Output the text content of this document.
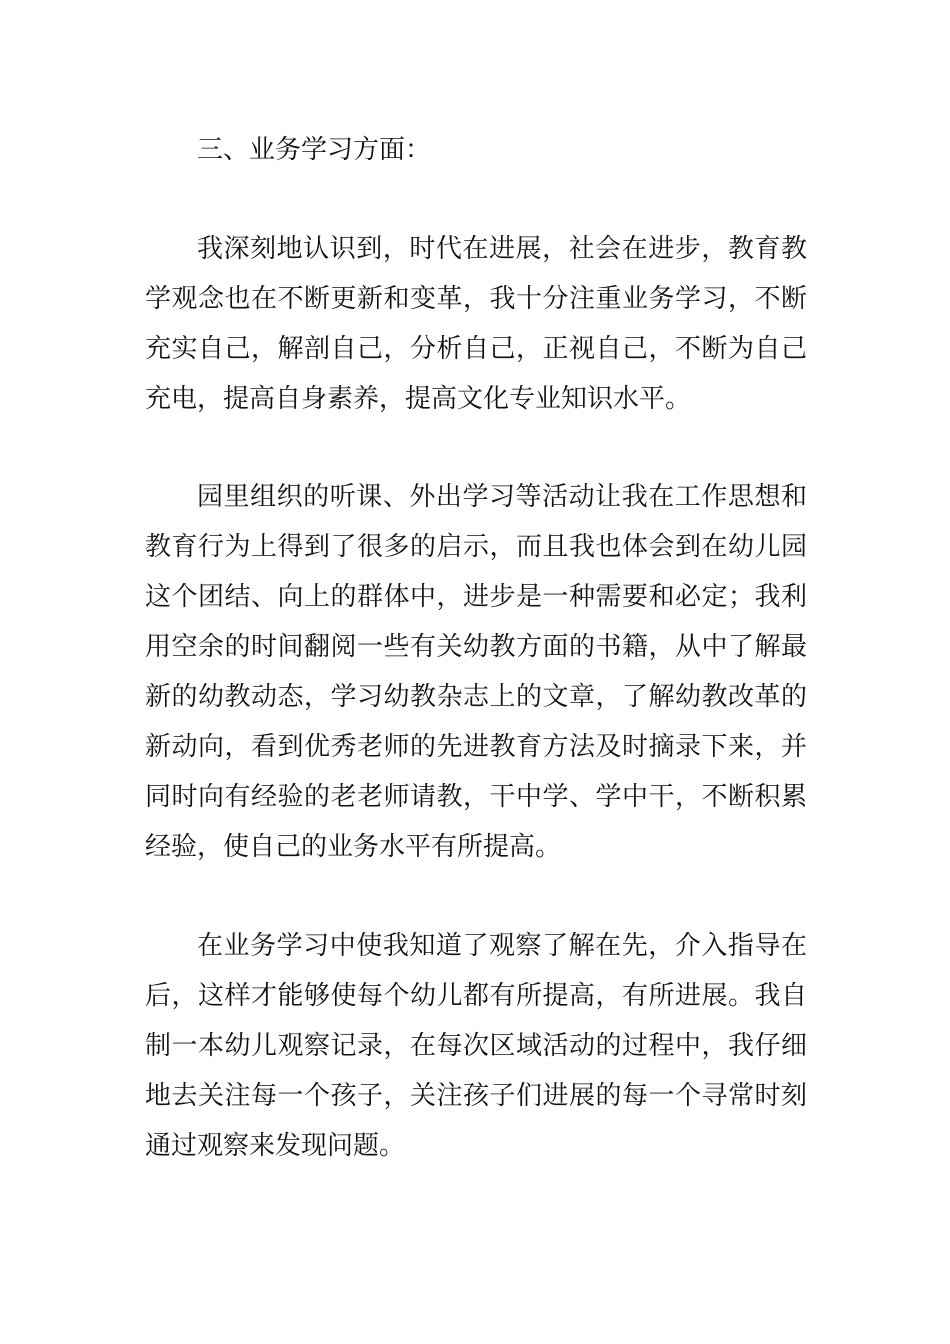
三、业务学习方面：
我深刻地认识到，时代在进展，社会在进步，教育教
学观念也在不断更新和变革，我十分注重业务学习，不断
充实自己，解剖自己，分析自己，正视自己，不断为自己
充电，提高自身素养，提高文化专业知识水平。
园里组织的听课、外出学习等活动让我在工作思想和
教育行为上得到了很多的启示，而且我也体会到在幼儿园
这个团结、向上的群体中，进步是一种需要和必定；我利
用空余的时间翻阅一些有关幼教方面的书籍，从中了解最
新的幼教动态，学习幼教杂志上的文章，了解幼教改革的
新动向，看到优秀老师的先进教育方法及时摘录下来，并
同时向有经验的老老师请教，干中学、学中干，不断积累
经验，使自己的业务水平有所提高。
在业务学习中使我知道了观察了解在先，介入指导在
后，这样才能够使每个幼儿都有所提高，有所进展。我自
制一本幼儿观察记录，在每次区域活动的过程中，我仔细
地去关注每一个孩子，关注孩子们进展的每一个寻常时刻
通过观察来发现问题。
